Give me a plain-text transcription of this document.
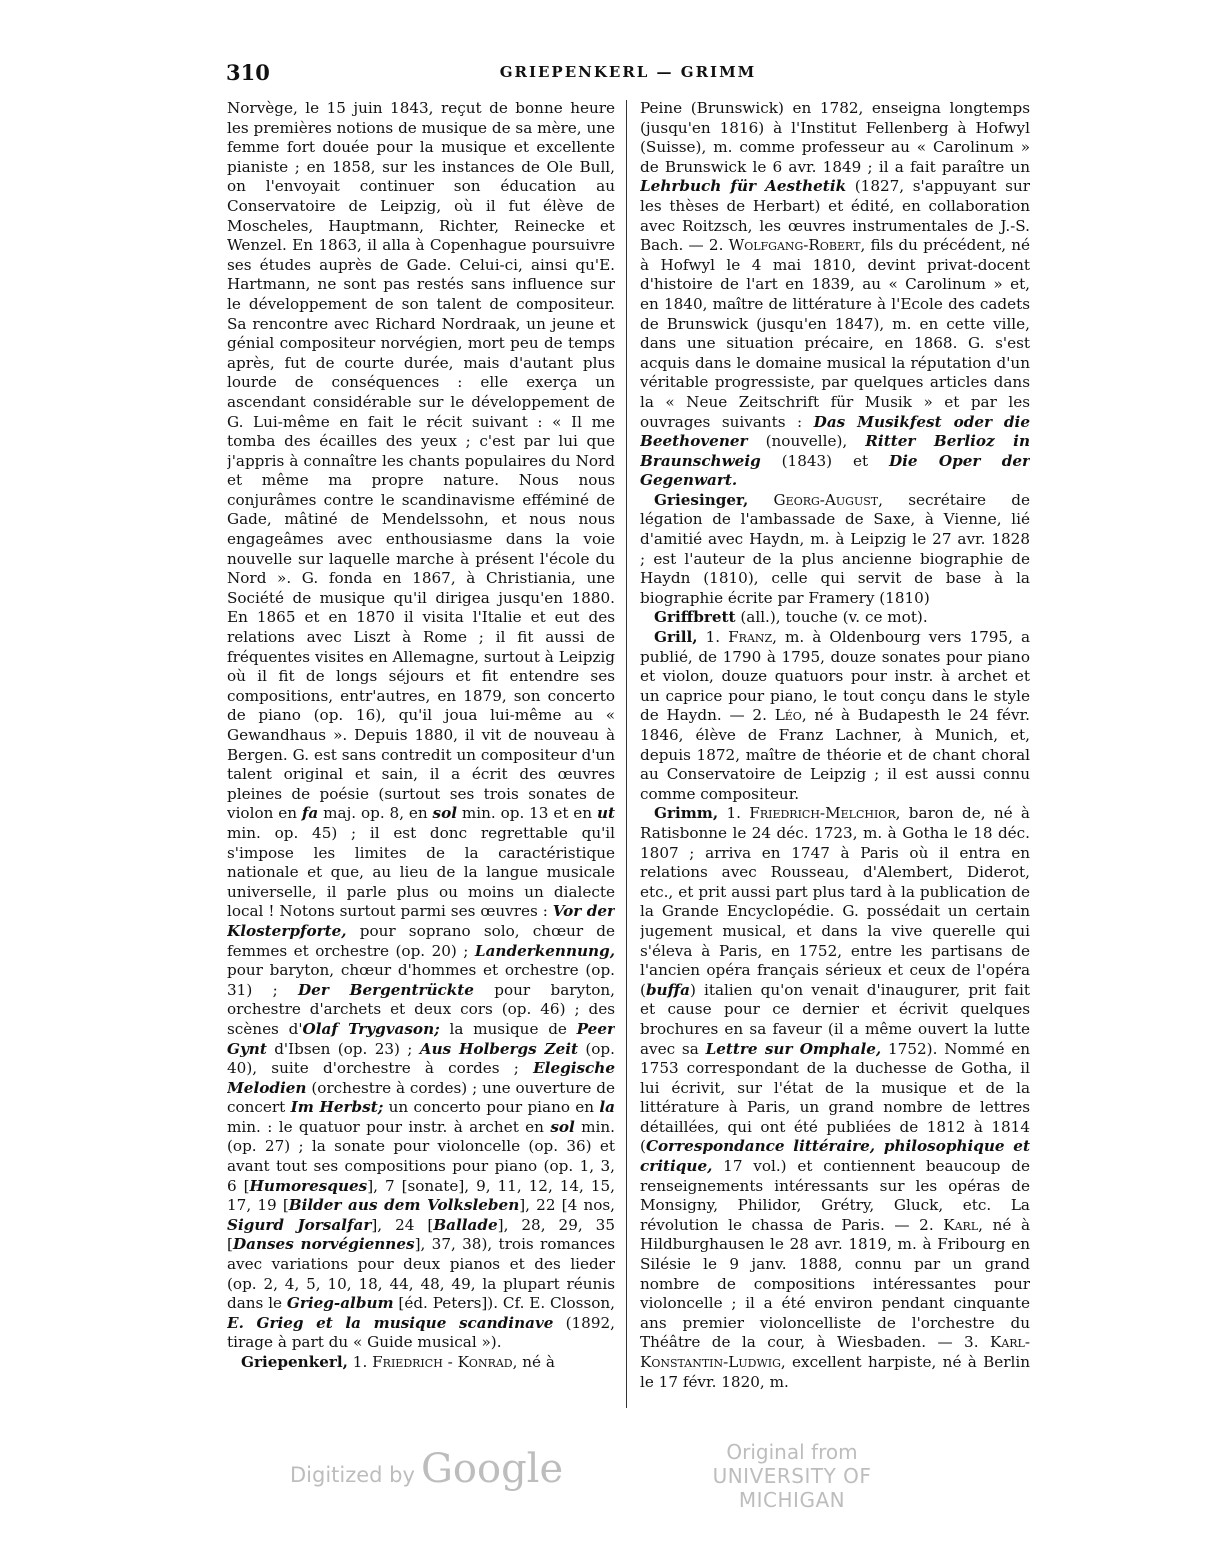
310	GRIEPENKERL — GRIMM

Norvège, le 15 juin 1843, reçut de bonne heure les premières notions de musique de sa mère, une femme fort douée pour la musique et excellente pianiste ; en 1858, sur les instances de Ole Bull, on l'envoyait continuer son éducation au Conservatoire de Leipzig, où il fut élève de Moscheles, Hauptmann, Richter, Reinecke et Wenzel. En 1863, il alla à Copenhague poursuivre ses études auprès de Gade. Celui-ci, ainsi qu'E. Hartmann, ne sont pas restés sans influence sur le développement de son talent de compositeur. Sa rencontre avec Richard Nordraak, un jeune et génial compositeur norvégien, mort peu de temps après, fut de courte durée, mais d'autant plus lourde de conséquences : elle exerça un ascendant considérable sur le développement de G. Lui-même en fait le récit suivant : « Il me tomba des écailles des yeux ; c'est par lui que j'appris à connaître les chants populaires du Nord et même ma propre nature. Nous nous conjurâmes contre le scandinavisme efféminé de Gade, mâtiné de Mendelssohn, et nous nous engageâmes avec enthousiasme dans la voie nouvelle sur laquelle marche à présent l'école du Nord ». G. fonda en 1867, à Christiania, une Société de musique qu'il dirigea jusqu'en 1880. En 1865 et en 1870 il visita l'Italie et eut des relations avec Liszt à Rome ; il fit aussi de fréquentes visites en Allemagne, surtout à Leipzig où il fit de longs séjours et fit entendre ses compositions, entr'autres, en 1879, son concerto de piano (op. 16), qu'il joua lui-même au « Gewandhaus ». Depuis 1880, il vit de nouveau à Bergen. G. est sans contredit un compositeur d'un talent original et sain, il a écrit des œuvres pleines de poésie (surtout ses trois sonates de violon en fa maj. op. 8, en sol min. op. 13 et en ut min. op. 45) ; il est donc regrettable qu'il s'impose les limites de la caractéristique nationale et que, au lieu de la langue musicale universelle, il parle plus ou moins un dialecte local ! Notons surtout parmi ses œuvres : Vor der Klosterpforte, pour soprano solo, chœur de femmes et orchestre (op. 20) ; Landerkennung, pour baryton, chœur d'hommes et orchestre (op. 31) ; Der Bergentrückte pour baryton, orchestre d'archets et deux cors (op. 46) ; des scènes d'Olaf Trygvason; la musique de Peer Gynt d'Ibsen (op. 23) ; Aus Holbergs Zeit (op. 40), suite d'orchestre à cordes ; Elegische Melodien (orchestre à cordes) ; une ouverture de concert Im Herbst; un concerto pour piano en la min. : le quatuor pour instr. à archet en sol min. (op. 27) ; la sonate pour violoncelle (op. 36) et avant tout ses compositions pour piano (op. 1, 3, 6 [Humoresques], 7 [sonate], 9, 11, 12, 14, 15, 17, 19 [Bilder aus dem Volksleben], 22 [4 nos, Sigurd Jorsalfar], 24 [Ballade], 28, 29, 35 [Danses norvégiennes], 37, 38), trois romances avec variations pour deux pianos et des lieder (op. 2, 4, 5, 10, 18, 44, 48, 49, la plupart réunis dans le Grieg-album [éd. Peters]). Cf. E. Closson, E. Grieg et la musique scandinave (1892, tirage à part du « Guide musical »).

Griepenkerl, 1. Friedrich - Konrad, né à

Peine (Brunswick) en 1782, enseigna longtemps (jusqu'en 1816) à l'Institut Fellenberg à Hofwyl (Suisse), m. comme professeur au « Carolinum » de Brunswick le 6 avr. 1849 ; il a fait paraître un Lehrbuch für Aesthetik (1827, s'appuyant sur les thèses de Herbart) et édité, en collaboration avec Roitzsch, les œuvres instrumentales de J.-S. Bach. — 2. Wolfgang-Robert, fils du précédent, né à Hofwyl le 4 mai 1810, devint privat-docent d'histoire de l'art en 1839, au « Carolinum » et, en 1840, maître de littérature à l'Ecole des cadets de Brunswick (jusqu'en 1847), m. en cette ville, dans une situation précaire, en 1868. G. s'est acquis dans le domaine musical la réputation d'un véritable progressiste, par quelques articles dans la « Neue Zeitschrift für Musik » et par les ouvrages suivants : Das Musikfest oder die Beethovener (nouvelle), Ritter Berlioz in Braunschweig (1843) et Die Oper der Gegenwart.

Griesinger, Georg-August, secrétaire de légation de l'ambassade de Saxe, à Vienne, lié d'amitié avec Haydn, m. à Leipzig le 27 avr. 1828 ; est l'auteur de la plus ancienne biographie de Haydn (1810), celle qui servit de base à la biographie écrite par Framery (1810)

Griffbrett (all.), touche (v. ce mot).

Grill, 1. Franz, m. à Oldenbourg vers 1795, a publié, de 1790 à 1795, douze sonates pour piano et violon, douze quatuors pour instr. à archet et un caprice pour piano, le tout conçu dans le style de Haydn. — 2. Léo, né à Budapesth le 24 févr. 1846, élève de Franz Lachner, à Munich, et, depuis 1872, maître de théorie et de chant choral au Conservatoire de Leipzig ; il est aussi connu comme compositeur.

Grimm, 1. Friedrich-Melchior, baron de, né à Ratisbonne le 24 déc. 1723, m. à Gotha le 18 déc. 1807 ; arriva en 1747 à Paris où il entra en relations avec Rousseau, d'Alembert, Diderot, etc., et prit aussi part plus tard à la publication de la Grande Encyclopédie. G. possédait un certain jugement musical, et dans la vive querelle qui s'éleva à Paris, en 1752, entre les partisans de l'ancien opéra français sérieux et ceux de l'opéra (buffa) italien qu'on venait d'inaugurer, prit fait et cause pour ce dernier et écrivit quelques brochures en sa faveur (il a même ouvert la lutte avec sa Lettre sur Omphale, 1752). Nommé en 1753 correspondant de la duchesse de Gotha, il lui écrivit, sur l'état de la musique et de la littérature à Paris, un grand nombre de lettres détaillées, qui ont été publiées de 1812 à 1814 (Correspondance littéraire, philosophique et critique, 17 vol.) et contiennent beaucoup de renseignements intéressants sur les opéras de Monsigny, Philidor, Grétry, Gluck, etc. La révolution le chassa de Paris. — 2. Karl, né à Hildburghausen le 28 avr. 1819, m. à Fribourg en Silésie le 9 janv. 1888, connu par un grand nombre de compositions intéressantes pour violoncelle ; il a été environ pendant cinquante ans premier violoncelliste de l'orchestre du Théâtre de la cour, à Wiesbaden. — 3. Karl-Konstantin-Ludwig, excellent harpiste, né à Berlin le 17 févr. 1820, m.

Digitized by Google	Original from
UNIVERSITY OF MICHIGAN
